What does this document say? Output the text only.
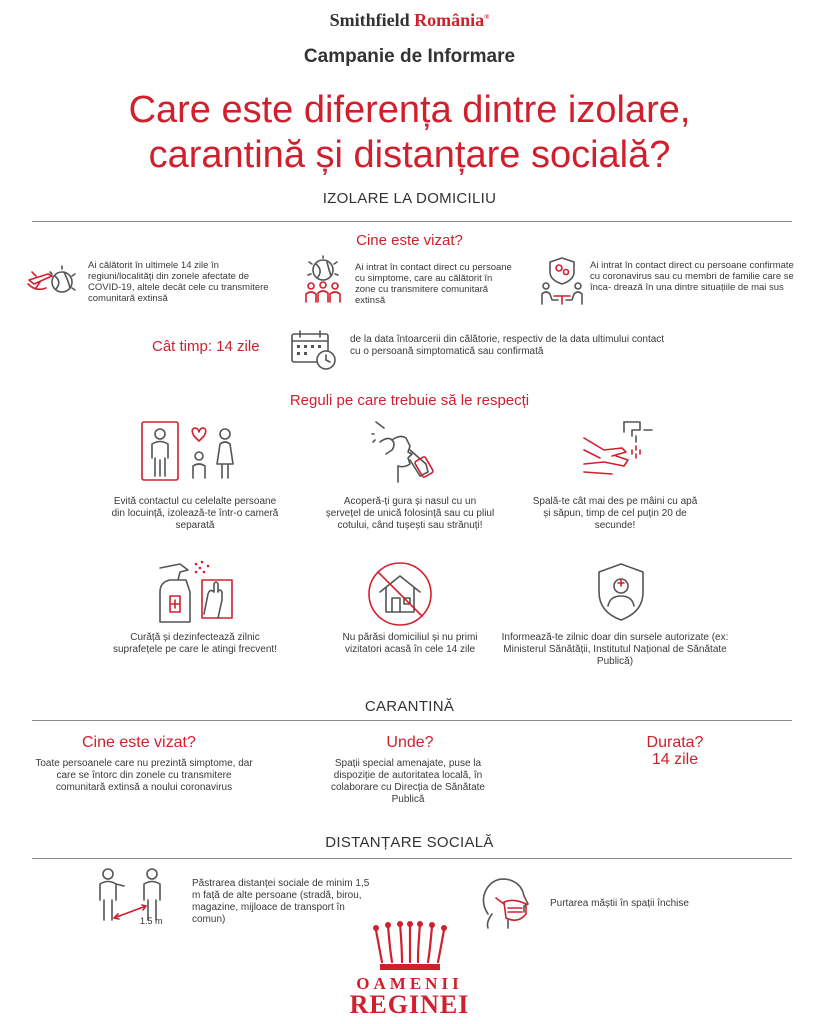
Smithfield România®
Campanie de Informare
Care este diferența dintre izolare,
carantină și distanțare socială?
IZOLARE LA DOMICILIU
Cine este vizat?
Ai călătorit în ultimele 14 zile în regiuni/localități din zonele afectate de COVID-19, altele decât cele cu transmitere comunitară extinsă
Ai intrat în contact direct cu persoane cu simptome, care au călătorit în zone cu transmitere comunitară extinsă
Ai intrat în contact direct cu persoane confirmate cu coronavirus sau cu membri de familie care se înca- drează în una dintre situațiile de mai sus
Cât timp: 14 zile	de la data întoarcerii din călătorie, respectiv de la data ultimului contact cu o persoană simptomatică sau confirmată
Reguli pe care trebuie să le respecți
Evită contactul cu celelalte persoane din locuință, izolează-te într-o cameră separată
Acoperă-ți gura și nasul cu un șervețel de unică folosință sau cu pliul cotului, când tușești sau strănuți!
Spală-te cât mai des pe mâini cu apă și săpun, timp de cel puțin 20 de secunde!
Curăță și dezinfectează zilnic suprafețele pe care le atingi frecvent!
Nu părăsi domiciliul și nu primi vizitatori acasă în cele 14 zile
Informează-te zilnic doar din sursele autorizate (ex: Ministerul Sănătății, Institutul Național de Sănătate Publică)
CARANTINĂ
Cine este vizat?
Toate persoanele care nu prezintă simptome, dar care se întorc din zonele cu transmitere comunitară extinsă a noului coronavirus
Unde?
Spații special amenajate, puse la dispoziție de autoritatea locală, în colaborare cu Direcția de Sănătate Publică
Durata?
14 zile
DISTANȚARE SOCIALĂ
1.5 m
Păstrarea distanței sociale de minim 1,5 m față de alte persoane (stradă, birou, magazine, mijloace de transport în comun)
Purtarea măștii în spații închise
OAMENII
REGINEI
